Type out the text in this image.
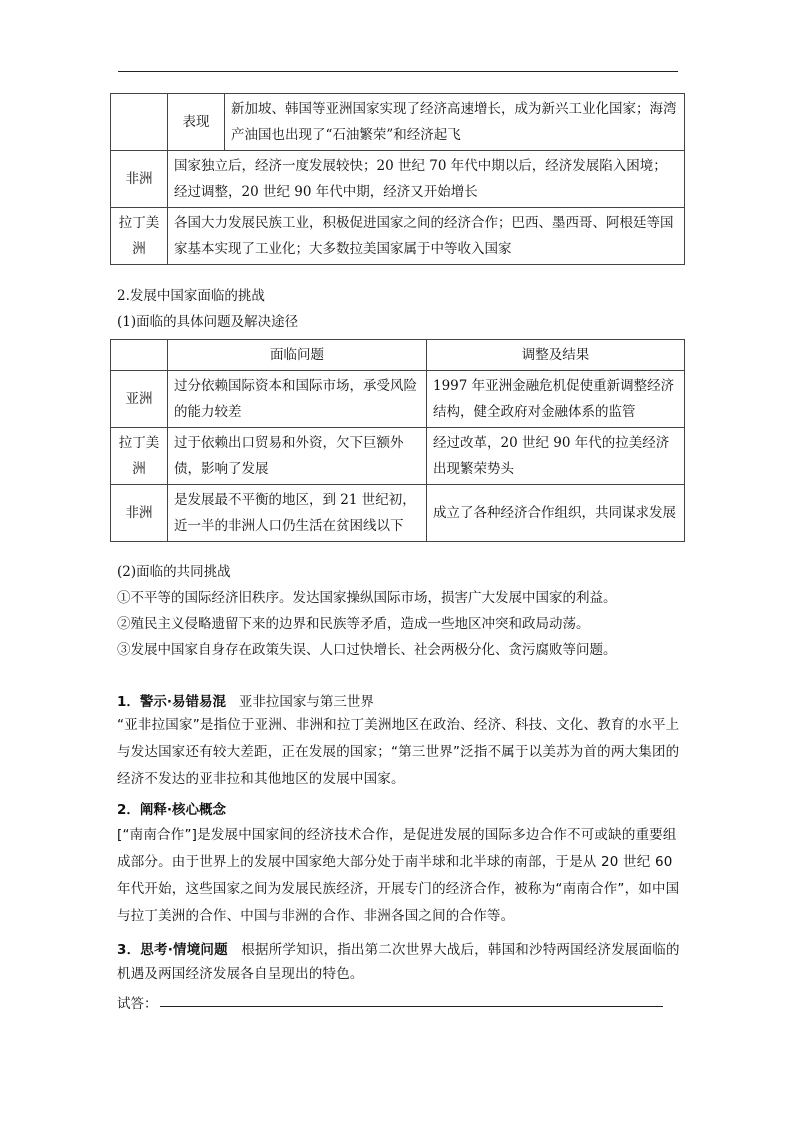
	表现	新加坡、韩国等亚洲国家实现了经济高速增长，成为新兴工业化国家；海湾产油国也出现了“石油繁荣”和经济起飞
非洲	国家独立后，经济一度发展较快；20 世纪 70 年代中期以后，经济发展陷入困境；经过调整，20 世纪 90 年代中期，经济又开始增长	
拉丁美洲	各国大力发展民族工业，积极促进国家之间的经济合作；巴西、墨西哥、阿根廷等国家基本实现了工业化；大多数拉美国家属于中等收入国家	
2.发展中国家面临的挑战
(1)面临的具体问题及解决途径
	面临问题	调整及结果
亚洲	过分依赖国际资本和国际市场，承受风险的能力较差	1997 年亚洲金融危机促使重新调整经济结构，健全政府对金融体系的监管
拉丁美洲	过于依赖出口贸易和外资，欠下巨额外债，影响了发展	经过改革，20 世纪 90 年代的拉美经济出现繁荣势头
非洲	是发展最不平衡的地区，到 21 世纪初，近一半的非洲人口仍生活在贫困线以下	成立了各种经济合作组织，共同谋求发展
(2)面临的共同挑战
①不平等的国际经济旧秩序。发达国家操纵国际市场，损害广大发展中国家的利益。
②殖民主义侵略遗留下来的边界和民族等矛盾，造成一些地区冲突和政局动荡。
③发展中国家自身存在政策失误、人口过快增长、社会两极分化、贪污腐败等问题。
1．警示·易错易混 亚非拉国家与第三世界
“亚非拉国家”是指位于亚洲、非洲和拉丁美洲地区在政治、经济、科技、文化、教育的水平上与发达国家还有较大差距，正在发展的国家；“第三世界”泛指不属于以美苏为首的两大集团的经济不发达的亚非拉和其他地区的发展中国家。
2．阐释·核心概念
[“南南合作”]是发展中国家间的经济技术合作，是促进发展的国际多边合作不可或缺的重要组成部分。由于世界上的发展中国家绝大部分处于南半球和北半球的南部，于是从 20 世纪 60 年代开始，这些国家之间为发展民族经济，开展专门的经济合作，被称为“南南合作”，如中国与拉丁美洲的合作、中国与非洲的合作、非洲各国之间的合作等。
3．思考·情境问题 根据所学知识，指出第二次世界大战后，韩国和沙特两国经济发展面临的机遇及两国经济发展各自呈现出的特色。
试答：
